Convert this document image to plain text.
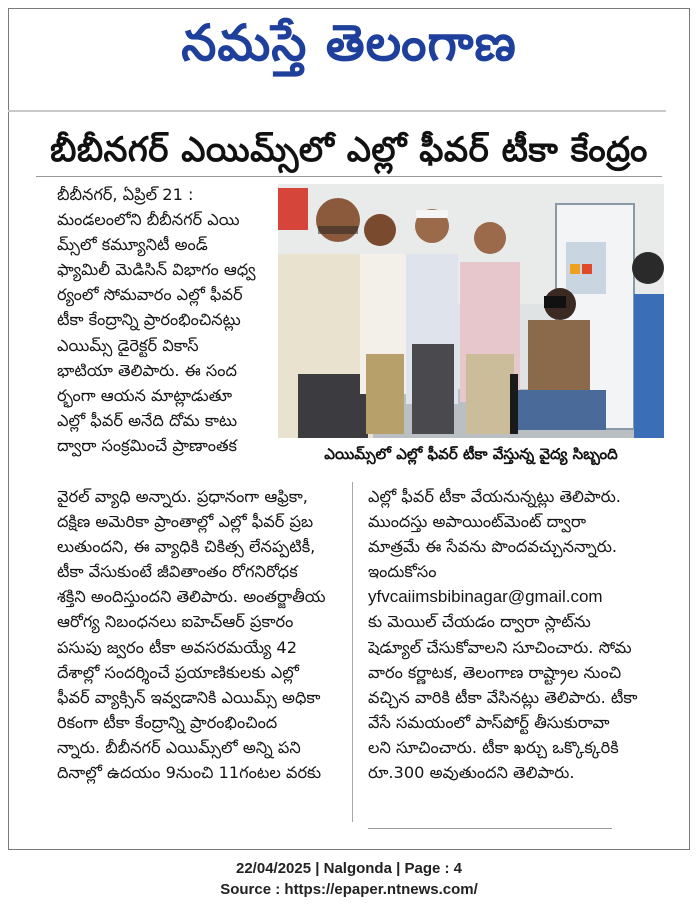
నమస్తే తెలంగాణ
బీబీనగర్ ఎయిమ్స్‌లో ఎల్లో ఫీవర్ టీకా కేంద్రం
బీబీనగర్, ఏప్రిల్ 21 :
మండలంలోని బీబీనగర్ ఎయి
మ్స్‌లో కమ్యూనిటీ అండ్
ఫ్యామిలీ మెడిసిన్ విభాగం ఆధ్వ
ర్యంలో సోమవారం ఎల్లో ఫీవర్
టీకా కేంద్రాన్ని ప్రారంభించినట్లు
ఎయిమ్స్ డైరెక్టర్ వికాస్
భాటియా తెలిపారు. ఈ సంద
ర్భంగా ఆయన మాట్లాడుతూ
ఎల్లో ఫీవర్ అనేది దోమ కాటు
ద్వారా సంక్రమించే ప్రాణాంతక	ఎయిమ్స్‌లో ఎల్లో ఫీవర్ టీకా వేస్తున్న వైద్య సిబ్బంది
వైరల్ వ్యాధి అన్నారు. ప్రధానంగా ఆఫ్రికా,
దక్షిణ అమెరికా ప్రాంతాల్లో ఎల్లో ఫీవర్ ప్రబ
లుతుందని, ఈ వ్యాధికి చికిత్స లేనప్పటికీ,
టీకా వేసుకుంటే జీవితాంతం రోగనిరోధక
శక్తిని అందిస్తుందని తెలిపారు. అంతర్జాతీయ
ఆరోగ్య నిబంధనలు ఐహెచ్ఆర్ ప్రకారం
పసుపు జ్వరం టీకా అవసరమయ్యే 42
దేశాల్లో సందర్శించే ప్రయాణికులకు ఎల్లో
ఫీవర్ వ్యాక్సిన్ ఇవ్వడానికి ఎయిమ్స్ అధికా
రికంగా టీకా కేంద్రాన్ని ప్రారంభించింద
న్నారు. బీబీనగర్ ఎయిమ్స్‌లో అన్ని పని
దినాల్లో ఉదయం 9నుంచి 11గంటల వరకు
ఎల్లో ఫీవర్ టీకా వేయనున్నట్లు తెలిపారు.
ముందస్తు అపాయింట్‌మెంట్ ద్వారా
మాత్రమే ఈ సేవను పొందవచ్చునన్నారు.
ఇందుకోసం
yfvcaiimsbibinagar@gmail.com
కు మెయిల్ చేయడం ద్వారా స్లాట్‌ను
షెడ్యూల్ చేసుకోవాలని సూచించారు. సోమ
వారం కర్ణాటక, తెలంగాణ రాష్ట్రాల నుంచి
వచ్చిన వారికి టీకా వేసినట్లు తెలిపారు. టీకా
వేసే సమయంలో పాస్‌పోర్ట్ తీసుకురావా
లని సూచించారు. టీకా ఖర్చు ఒక్కొక్కరికి
రూ.300 అవుతుందని తెలిపారు.
22/04/2025 | Nalgonda | Page : 4
Source : https://epaper.ntnews.com/
